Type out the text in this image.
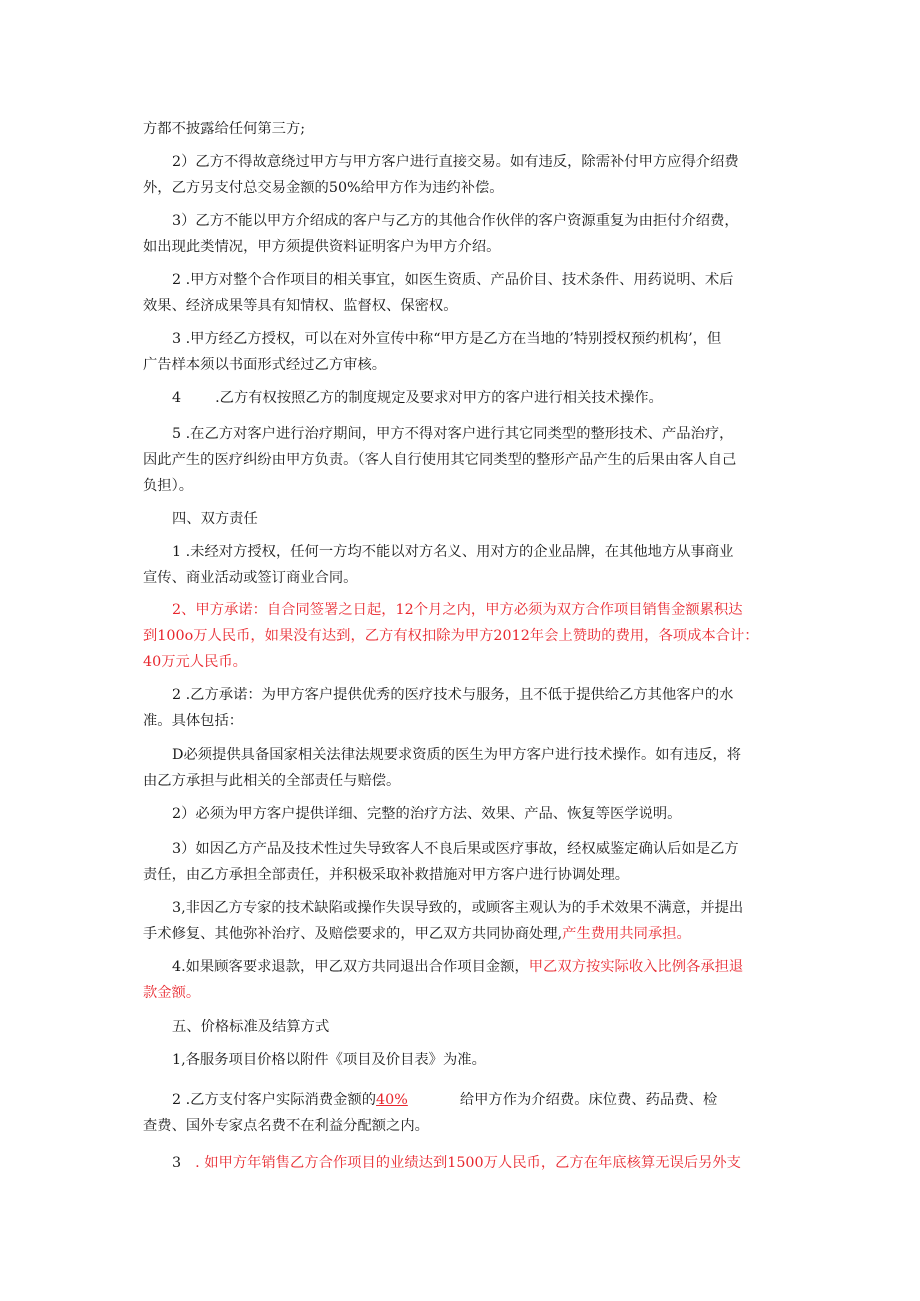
方都不披露给任何第三方;
2）乙方不得故意绕过甲方与甲方客户进行直接交易。如有违反，除需补付甲方应得介绍费
外，乙方另支付总交易金额的50%给甲方作为违约补偿。
3）乙方不能以甲方介绍成的客户与乙方的其他合作伙伴的客户资源重复为由拒付介绍费，
如出现此类情况，甲方须提供资料证明客户为甲方介绍。
2 .甲方对整个合作项目的相关事宜，如医生资质、产品价目、技术条件、用药说明、术后
效果、经济成果等具有知情权、监督权、保密权。
3 .甲方经乙方授权，可以在对外宣传中称“甲方是乙方在当地的’特别授权预约机构’，但
广告样本须以书面形式经过乙方审核。
4 .乙方有权按照乙方的制度规定及要求对甲方的客户进行相关技术操作。
5 .在乙方对客户进行治疗期间，甲方不得对客户进行其它同类型的整形技术、产品治疗，
因此产生的医疗纠纷由甲方负责。（客人自行使用其它同类型的整形产品产生的后果由客人自己
负担）。
四、双方责任
1 .未经对方授权，任何一方均不能以对方名义、用对方的企业品牌，在其他地方从事商业
宣传、商业活动或签订商业合同。
2、甲方承诺：自合同签署之日起，12个月之内，甲方必须为双方合作项目销售金额累积达
到100o万人民币，如果没有达到，乙方有权扣除为甲方2012年会上赞助的费用，各项成本合计：
40万元人民币。
2 .乙方承诺：为甲方客户提供优秀的医疗技术与服务，且不低于提供给乙方其他客户的水
准。具体包括：
D必须提供具备国家相关法律法规要求资质的医生为甲方客户进行技术操作。如有违反，将
由乙方承担与此相关的全部责任与赔偿。
2）必须为甲方客户提供详细、完整的治疗方法、效果、产品、恢复等医学说明。
3）如因乙方产品及技术性过失导致客人不良后果或医疗事故，经权威鉴定确认后如是乙方
责任，由乙方承担全部责任，并积极采取补救措施对甲方客户进行协调处理。
3,非因乙方专家的技术缺陷或操作失误导致的，或顾客主观认为的手术效果不满意，并提出
手术修复、其他弥补治疗、及赔偿要求的，甲乙双方共同协商处理,产生费用共同承担。
4.如果顾客要求退款，甲乙双方共同退出合作项目金额，甲乙双方按实际收入比例各承担退
款金额。
五、价格标准及结算方式
1,各服务项目价格以附件《项目及价目表》为准。
2 .乙方支付客户实际消费金额的40%	给甲方作为介绍费。床位费、药品费、检
查费、国外专家点名费不在利益分配额之内。
3 . 如甲方年销售乙方合作项目的业绩达到1500万人民币，乙方在年底核算无误后另外支
